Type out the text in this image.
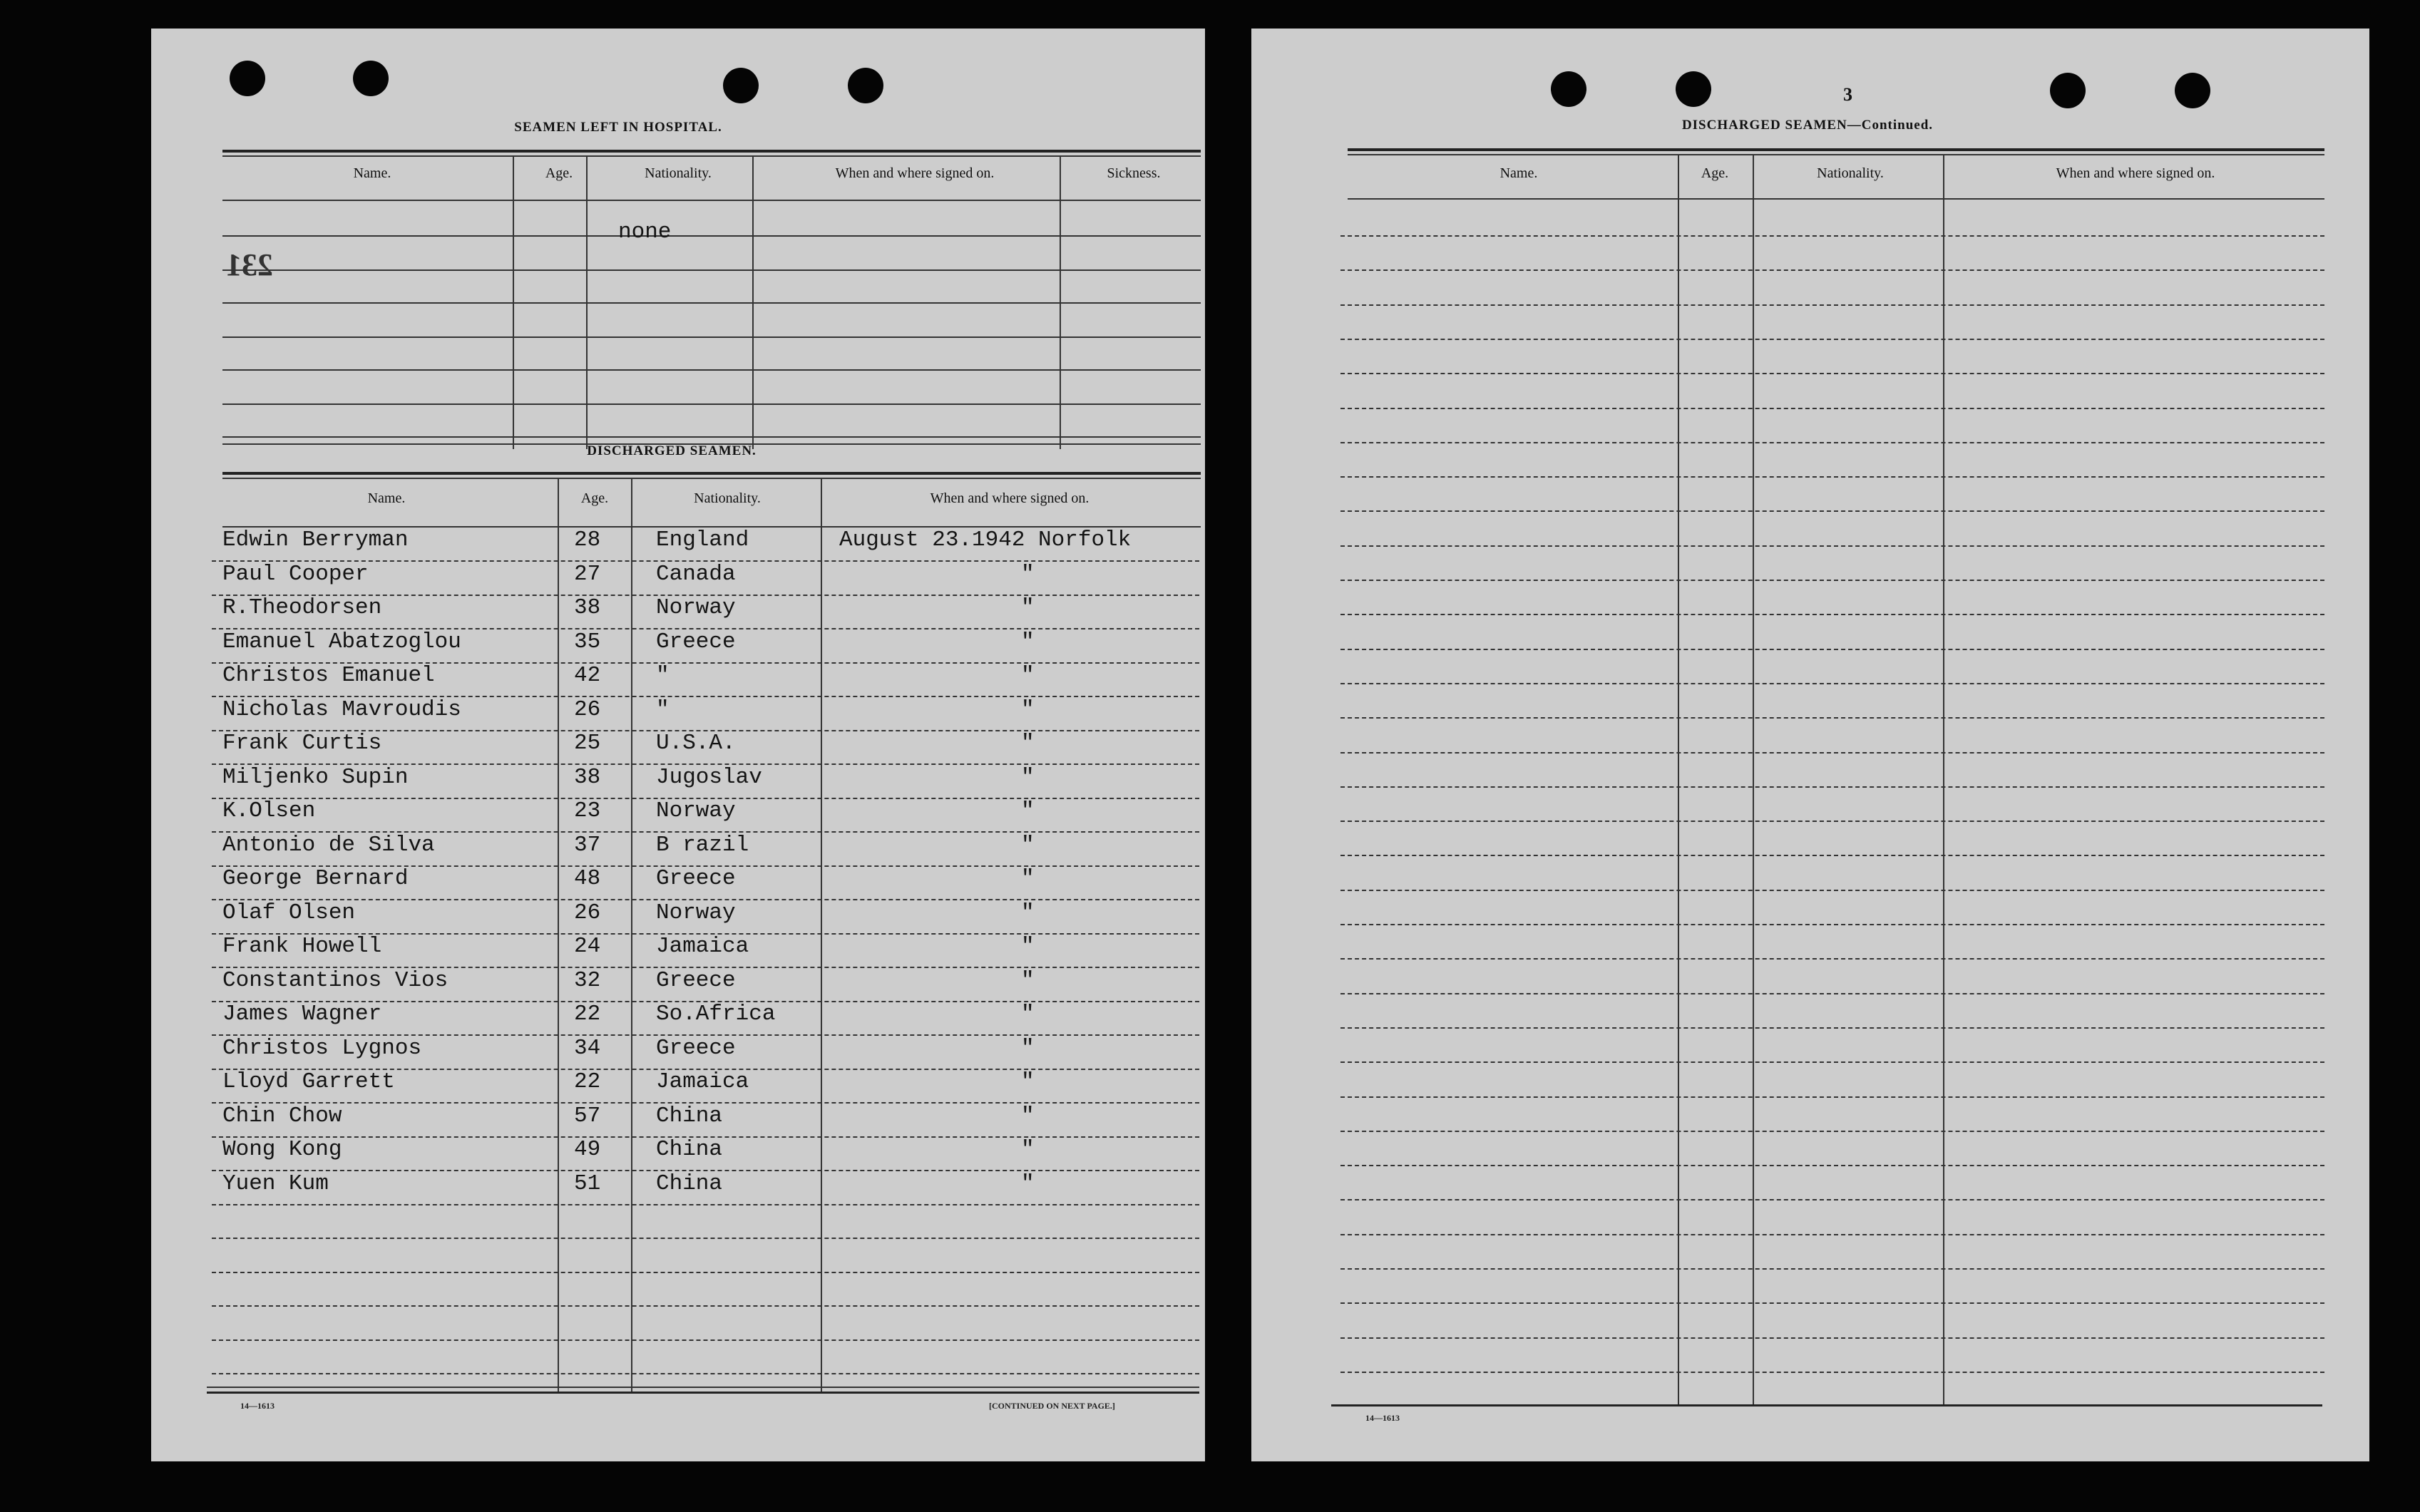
SEAMEN LEFT IN HOSPITAL.
Name.	Age.	Nationality.	When and where signed on.	Sickness.
none
231
DISCHARGED SEAMEN.
Name.	Age.	Nationality.	When and where signed on.
Edwin Berryman	28	England	August 23.1942 Norfolk
Paul Cooper	27	Canada	"
R.Theodorsen	38	Norway	"
Emanuel Abatzoglou	35	Greece	"
Christos Emanuel	42	"	"
Nicholas Mavroudis	26	"	"
Frank Curtis	25	U.S.A.	"
Miljenko Supin	38	Jugoslav	"
K.Olsen	23	Norway	"
Antonio de Silva	37	B razil	"
George Bernard	48	Greece	"
Olaf Olsen	26	Norway	"
Frank Howell	24	Jamaica	"
Constantinos Vios	32	Greece	"
James Wagner	22	So.Africa	"
Christos Lygnos	34	Greece	"
Lloyd Garrett	22	Jamaica	"
Chin Chow	57	China	"
Wong Kong	49	China	"
Yuen Kum	51	China	"
14—1613	[CONTINUED ON NEXT PAGE.]
3
DISCHARGED SEAMEN—Continued.
Name.	Age.	Nationality.	When and where signed on.
14—1613
